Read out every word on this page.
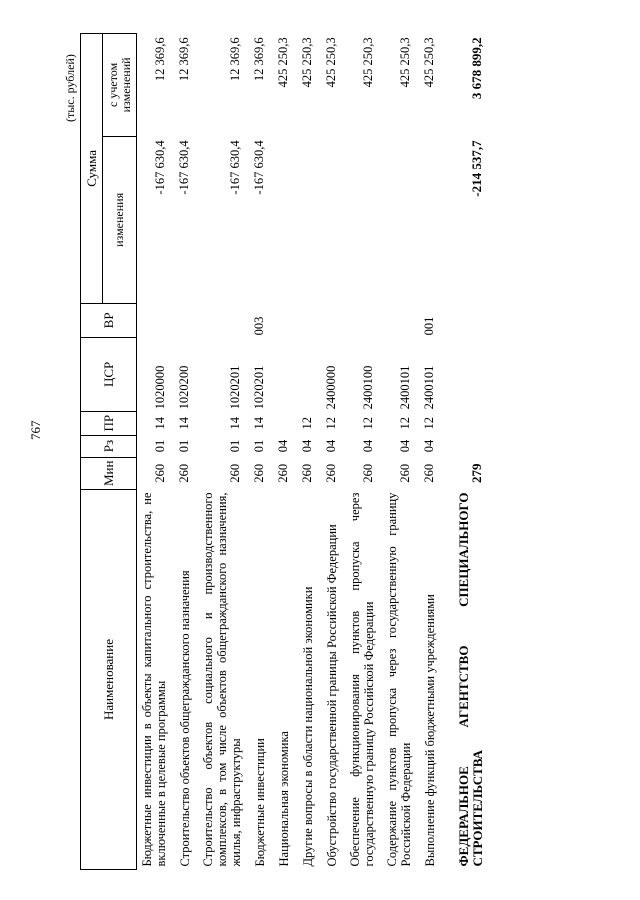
767
(тыс. рублей)
Наименование	Мин	Рз	ПР	ЦСР	ВР	Сумма	
						изменения	с учетом изменений
Бюджетные инвестиции в объекты капитального строительства, не включенные в целевые программы	260	01	14	1020000		-167 630,4	12 369,6
Строительство объектов общегражданского назначения	260	01	14	1020200		-167 630,4	12 369,6
Строительство объектов социального и производственного комплексов, в том числе объектов общегражданского назначения, жилья, инфраструктуры	260	01	14	1020201		-167 630,4	12 369,6
Бюджетные инвестиции	260	01	14	1020201	003	-167 630,4	12 369,6
Национальная экономика	260	04					425 250,3
Другие вопросы в области национальной экономики	260	04	12				425 250,3
Обустройство государственной границы Российской Федерации	260	04	12	2400000			425 250,3
Обеспечение функционирования пунктов пропуска через государственную границу Российской Федерации	260	04	12	2400100			425 250,3
Содержание пунктов пропуска через государственную границу Российской Федерации	260	04	12	2400101			425 250,3
Выполнение функций бюджетными учреждениями	260	04	12	2400101	001		425 250,3
ФЕДЕРАЛЬНОЕ АГЕНТСТВО СПЕЦИАЛЬНОГО СТРОИТЕЛЬСТВА	279					-214 537,7	3 678 899,2
